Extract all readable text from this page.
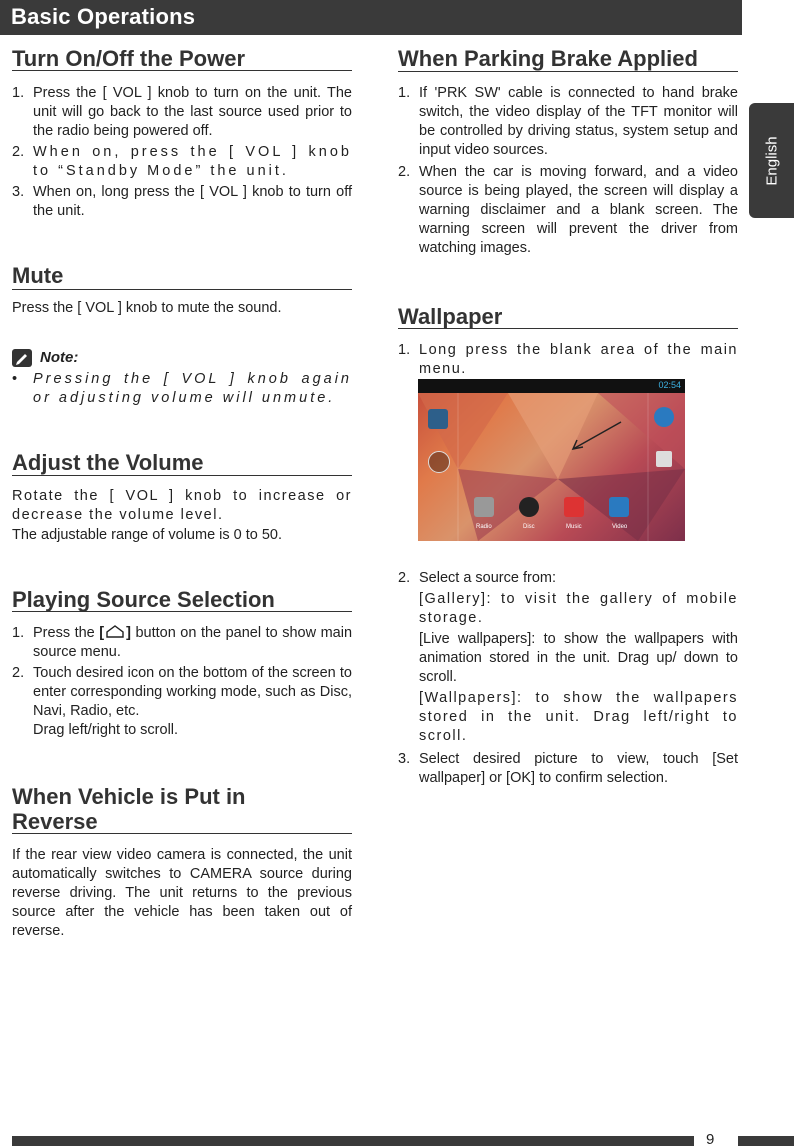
Basic Operations
English
Turn On/Off the Power
1. Press the [ VOL ] knob to turn on the unit. The unit will go back to the last source used prior to the radio being powered off.
2. When on, press the [ VOL ] knob to “Standby Mode” the unit.
3. When on, long press the [ VOL ] knob to turn off the unit.
Mute
Press the [ VOL ] knob to mute the sound.
Note:
•	Pressing the [ VOL ] knob again or adjusting volume will unmute.
Adjust the Volume
Rotate the [ VOL ] knob to increase or decrease the volume level.
The adjustable range of volume is 0 to 50.
Playing Source Selection
1. Press the [ ] button on the panel to show main source menu.
2. Touch desired icon on the bottom of the screen to enter corresponding working mode, such as Disc, Navi, Radio, etc.

Drag left/right to scroll.
When Vehicle is Put in
Reverse
If the rear view video camera is connected, the unit automatically switches to CAMERA source during reverse driving. The unit returns to the previous source after the vehicle has been taken out of reverse.
When Parking Brake Applied
1. If 'PRK SW' cable is connected to hand brake switch, the video display of the TFT monitor will be controlled by driving status, system setup and input video sources.
2. When the car is moving forward, and a video source is being played, the screen will display a warning disclaimer and a blank screen. The warning screen will prevent the driver from watching images.
Wallpaper
1. Long press the blank area of the main menu.
02:54
Radio	Disc	Music	Video
2. Select a source from:
[Gallery]: to visit the gallery of mobile storage.
[Live wallpapers]: to show the wallpapers with animation stored in the unit. Drag up/ down to scroll.
[Wallpapers]: to show the wallpapers stored in the unit. Drag left/right to scroll.
3. Select desired picture to view, touch [Set wallpaper] or [OK] to confirm selection.
9
